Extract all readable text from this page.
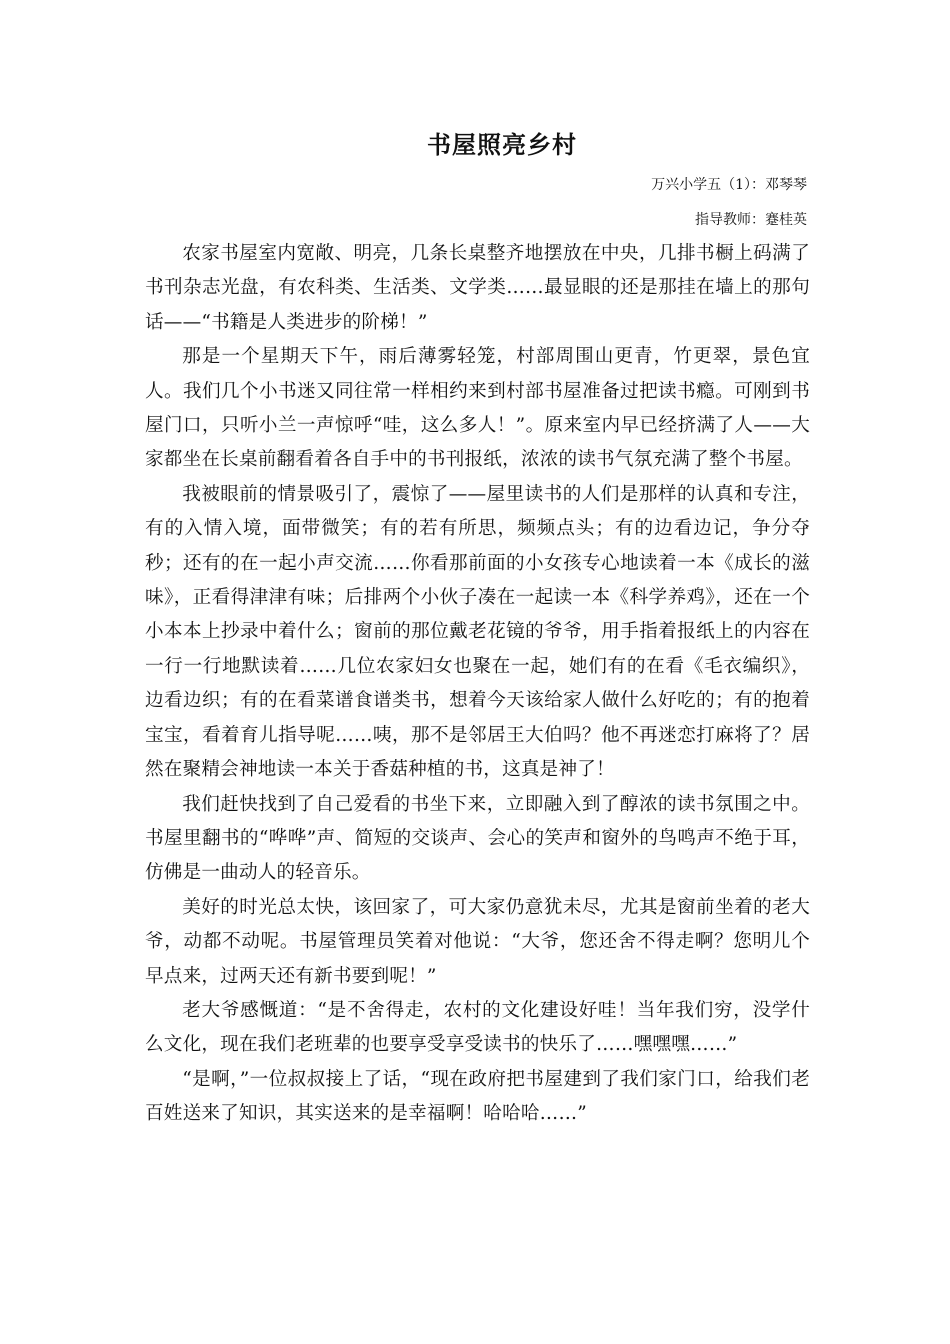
书屋照亮乡村
万兴小学五（1）：邓琴琴
指导教师：蹇桂英

农家书屋室内宽敞、明亮，几条长桌整齐地摆放在中央，几排书橱上码满了书刊杂志光盘，有农科类、生活类、文学类……最显眼的还是那挂在墙上的那句话——“书籍是人类进步的阶梯！”

那是一个星期天下午，雨后薄雾轻笼，村部周围山更青，竹更翠，景色宜人。我们几个小书迷又同往常一样相约来到村部书屋准备过把读书瘾。可刚到书屋门口，只听小兰一声惊呼“哇，这么多人！”。原来室内早已经挤满了人——大家都坐在长桌前翻看着各自手中的书刊报纸，浓浓的读书气氛充满了整个书屋。

我被眼前的情景吸引了，震惊了——屋里读书的人们是那样的认真和专注，有的入情入境，面带微笑；有的若有所思，频频点头；有的边看边记，争分夺秒；还有的在一起小声交流……你看那前面的小女孩专心地读着一本《成长的滋味》，正看得津津有味；后排两个小伙子凑在一起读一本《科学养鸡》，还在一个小本本上抄录中着什么；窗前的那位戴老花镜的爷爷，用手指着报纸上的内容在一行一行地默读着……几位农家妇女也聚在一起，她们有的在看《毛衣编织》，边看边织；有的在看菜谱食谱类书，想着今天该给家人做什么好吃的；有的抱着宝宝，看着育儿指导呢……咦，那不是邻居王大伯吗？他不再迷恋打麻将了？居然在聚精会神地读一本关于香菇种植的书，这真是神了！

我们赶快找到了自己爱看的书坐下来，立即融入到了醇浓的读书氛围之中。书屋里翻书的“哗哗”声、简短的交谈声、会心的笑声和窗外的鸟鸣声不绝于耳，仿佛是一曲动人的轻音乐。

美好的时光总太快，该回家了，可大家仍意犹未尽，尤其是窗前坐着的老大爷，动都不动呢。书屋管理员笑着对他说：“大爷，您还舍不得走啊？您明儿个早点来，过两天还有新书要到呢！”

老大爷感慨道：“是不舍得走，农村的文化建设好哇！当年我们穷，没学什么文化，现在我们老班辈的也要享受享受读书的快乐了……嘿嘿嘿……”

“是啊，”一位叔叔接上了话，“现在政府把书屋建到了我们家门口，给我们老百姓送来了知识，其实送来的是幸福啊！哈哈哈……”
